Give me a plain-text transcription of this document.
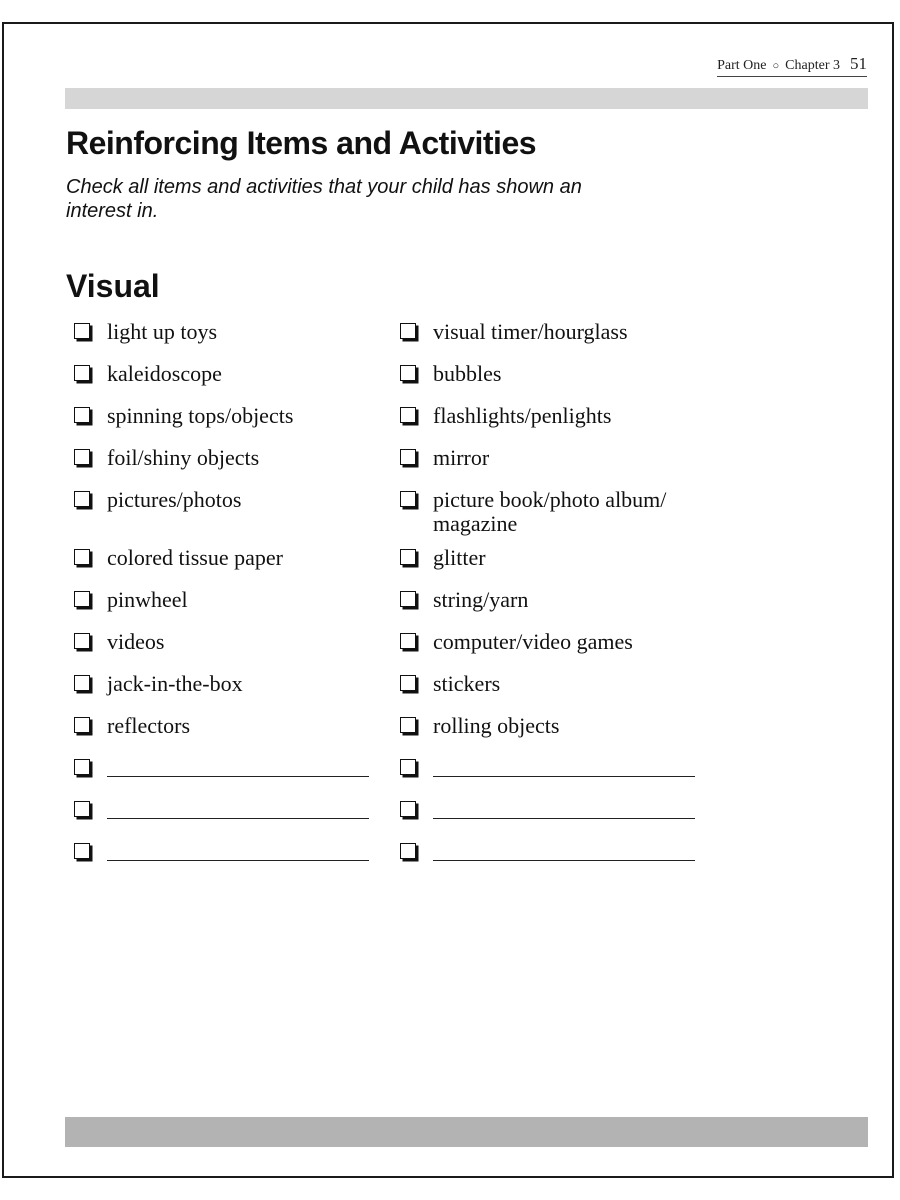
Part One ○ Chapter 3 51
Reinforcing Items and Activities

Check all items and activities that your child has shown an interest in.

Visual
light up toys
kaleidoscope
spinning tops/objects
foil/shiny objects
pictures/photos
colored tissue paper
pinwheel
videos
jack-in-the-box
reflectors
visual timer/hourglass
bubbles
flashlights/penlights
mirror
picture book/photo album/ magazine
glitter
string/yarn
computer/video games
stickers
rolling objects
